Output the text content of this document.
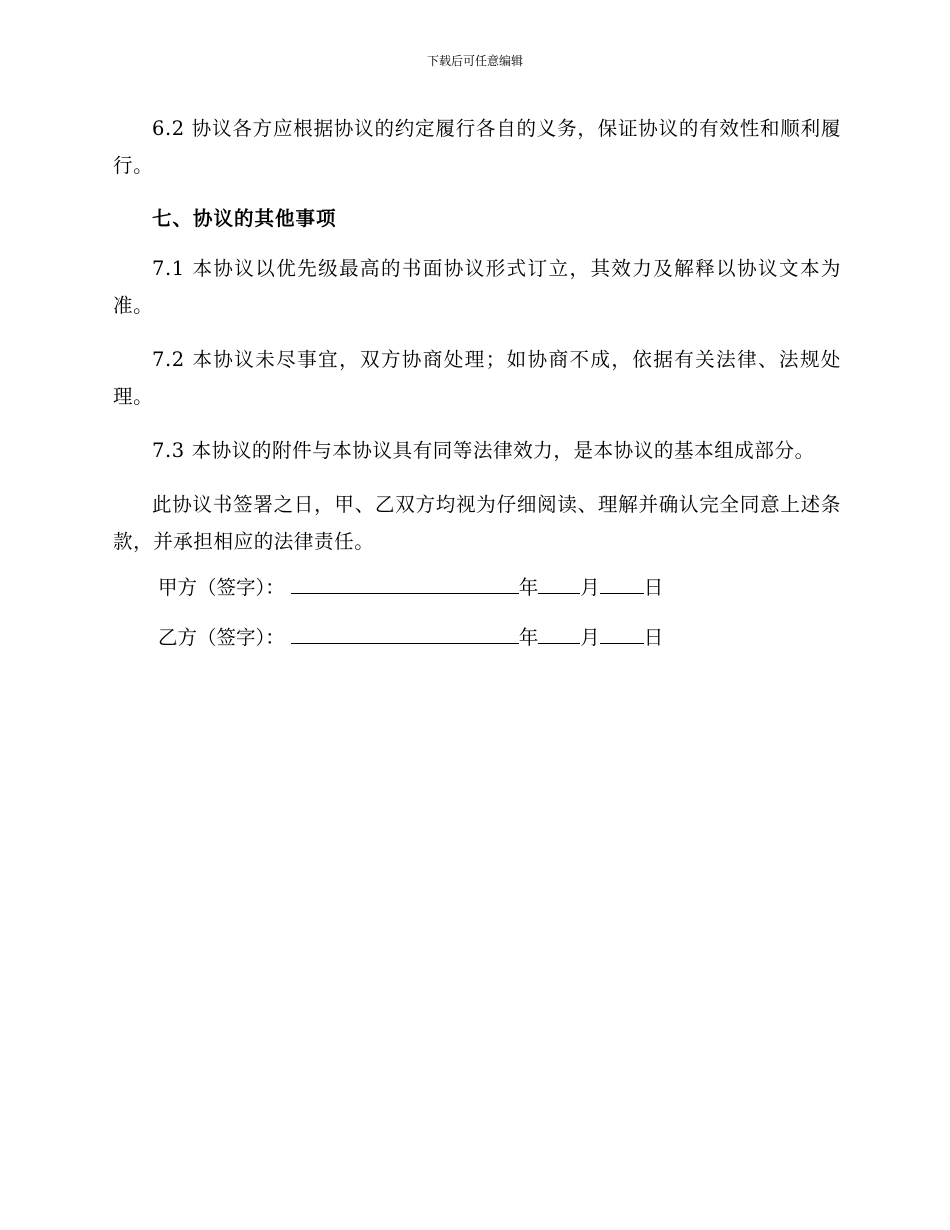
下载后可任意编辑

6.2 协议各方应根据协议的约定履行各自的义务，保证协议的有效性和顺利履行。

七、协议的其他事项

7.1 本协议以优先级最高的书面协议形式订立，其效力及解释以协议文本为准。

7.2 本协议未尽事宜，双方协商处理；如协商不成，依据有关法律、法规处理。

7.3 本协议的附件与本协议具有同等法律效力，是本协议的基本组成部分。

此协议书签署之日，甲、乙双方均视为仔细阅读、理解并确认完全同意上述条款，并承担相应的法律责任。

甲方（签字）：	年 月 日
乙方（签字）：	年 月 日
